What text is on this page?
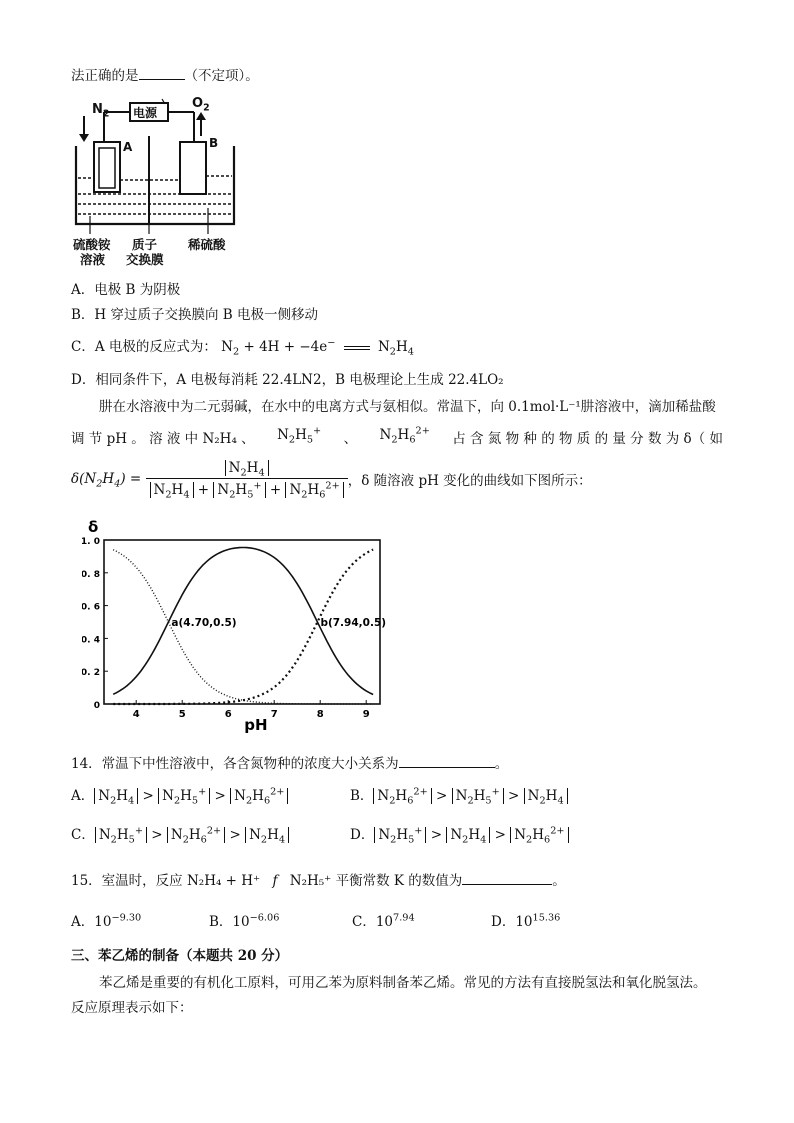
法正确的是	（不定项）。
$N_2$
$O_2$
电源
A	B
硫酸铵
溶液
质子
交换膜
稀硫酸
A．电极 B 为阴极
B．H 穿过质子交换膜向 B 电极一侧移动
C．A 电极的反应式为： $N_2 + 4H + -4e^-$	$N_2H_4$
D．相同条件下，A 电极每消耗 22.4LN2，B 电极理论上生成 22.4LO₂
肼在水溶液中为二元弱碱，在水中的电离方式与氨相似。常温下，向 0.1mol·L⁻¹肼溶液中，滴加稀盐酸
调 节 pH 。 溶 液 中 N₂H₄ 、 $N_2H_5^+$ 、 $N_2H_6^{2+}$ 占 含 氮 物 种 的 物 质 的 量 分 数 为 δ（ 如
$\delta(N_2H_4) = \frac{N_2H_4}{N_2H_4 + N_2H_5^+ + N_2H_6^{2+}}$ ，δ 随溶液 pH 变化的曲线如下图所示：
δ
pH
0
0. 2
0. 4
0. 6
0. 8
1. 0
4	5	6	7	8	9
a(4.70,0.5)	b(7.94,0.5)
14．常温下中性溶液中，各含氮物种的浓度大小关系为	。
A． $N_2H_4 > N_2H_5^+ > N_2H_6^{2+}$	B． $N_2H_6^{2+} > N_2H_5^+ > N_2H_4$
C． $N_2H_5^+ > N_2H_6^{2+} > N_2H_4$	D． $N_2H_5^+ > N_2H_4 > N_2H_6^{2+}$
15．室温时，反应 N₂H₄ + H⁺ f N₂H₅⁺ 平衡常数 K 的数值为	。
A．$10^{-9.30}$	B．$10^{-6.06}$	C．$10^{7.94}$	D．$10^{15.36}$
三、苯乙烯的制备（本题共 20 分）
苯乙烯是重要的有机化工原料，可用乙苯为原料制备苯乙烯。常见的方法有直接脱氢法和氧化脱氢法。
反应原理表示如下：
